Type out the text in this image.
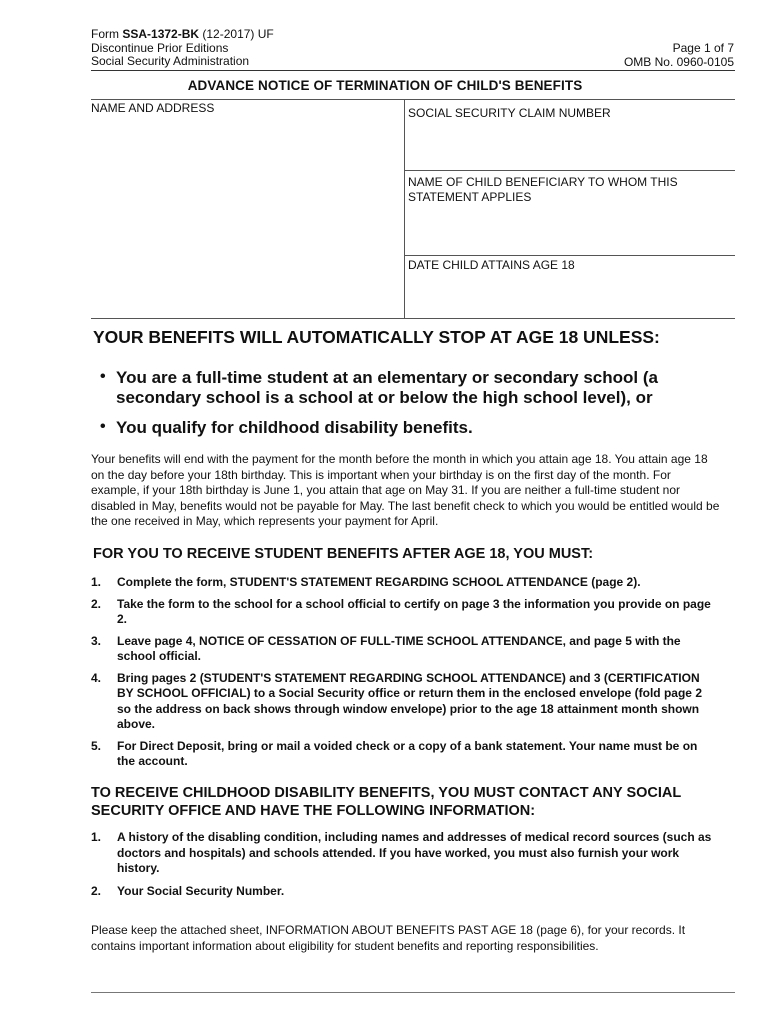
Form SSA-1372-BK (12-2017) UF
Discontinue Prior Editions
Social Security Administration
Page 1 of 7
OMB No. 0960-0105
ADVANCE NOTICE OF TERMINATION OF CHILD'S BENEFITS
NAME AND ADDRESS	SOCIAL SECURITY CLAIM NUMBER
NAME OF CHILD BENEFICIARY TO WHOM THIS STATEMENT APPLIES
DATE CHILD ATTAINS AGE 18
YOUR BENEFITS WILL AUTOMATICALLY STOP AT AGE 18 UNLESS:
• You are a full-time student at an elementary or secondary school (a secondary school is a school at or below the high school level), or
• You qualify for childhood disability benefits.
Your benefits will end with the payment for the month before the month in which you attain age 18. You attain age 18 on the day before your 18th birthday. This is important when your birthday is on the first day of the month. For example, if your 18th birthday is June 1, you attain that age on May 31. If you are neither a full-time student nor disabled in May, benefits would not be payable for May. The last benefit check to which you would be entitled would be the one received in May, which represents your payment for April.
FOR YOU TO RECEIVE STUDENT BENEFITS AFTER AGE 18, YOU MUST:
1. Complete the form, STUDENT'S STATEMENT REGARDING SCHOOL ATTENDANCE (page 2).
2. Take the form to the school for a school official to certify on page 3 the information you provide on page 2.
3. Leave page 4, NOTICE OF CESSATION OF FULL-TIME SCHOOL ATTENDANCE, and page 5 with the school official.
4. Bring pages 2 (STUDENT'S STATEMENT REGARDING SCHOOL ATTENDANCE) and 3 (CERTIFICATION BY SCHOOL OFFICIAL) to a Social Security office or return them in the enclosed envelope (fold page 2 so the address on back shows through window envelope) prior to the age 18 attainment month shown above.
5. For Direct Deposit, bring or mail a voided check or a copy of a bank statement. Your name must be on the account.
TO RECEIVE CHILDHOOD DISABILITY BENEFITS, YOU MUST CONTACT ANY SOCIAL SECURITY OFFICE AND HAVE THE FOLLOWING INFORMATION:
1. A history of the disabling condition, including names and addresses of medical record sources (such as doctors and hospitals) and schools attended. If you have worked, you must also furnish your work history.
2. Your Social Security Number.
Please keep the attached sheet, INFORMATION ABOUT BENEFITS PAST AGE 18 (page 6), for your records. It contains important information about eligibility for student benefits and reporting responsibilities.
